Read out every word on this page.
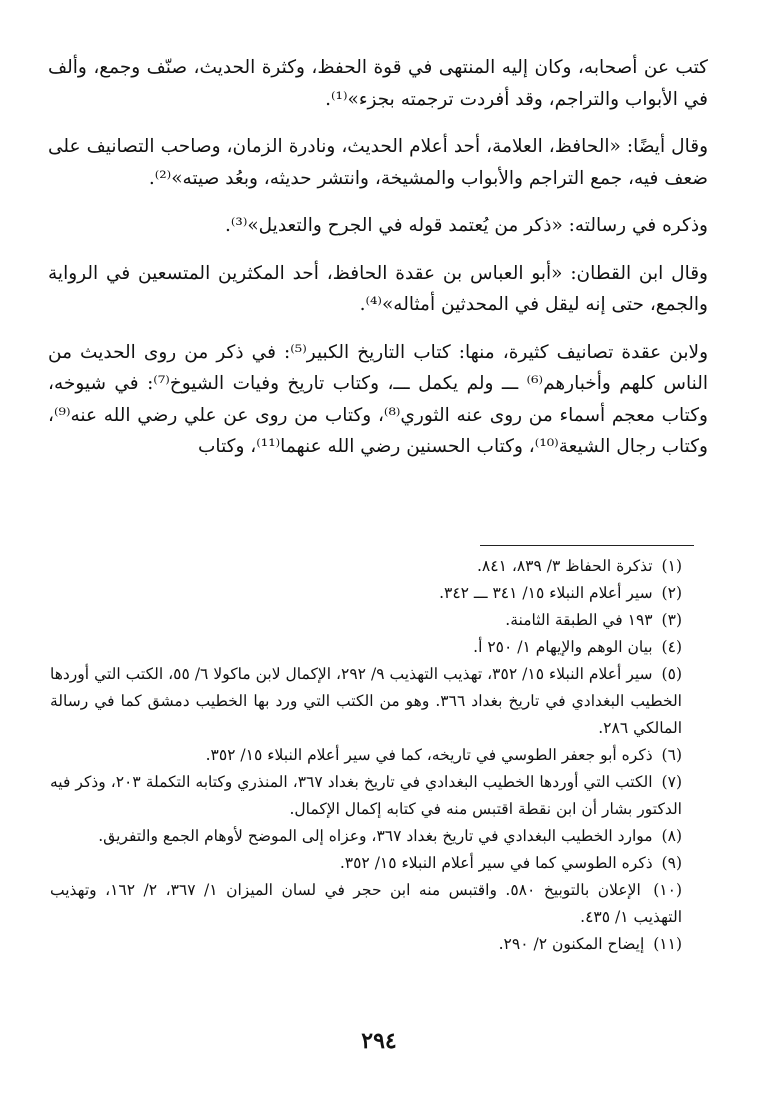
كتب عن أصحابه، وكان إليه المنتهى في قوة الحفظ، وكثرة الحديث، صنّف وجمع، وألف في الأبواب والتراجم، وقد أفردت ترجمته بجزء»⁽¹⁾.

وقال أيضًا: «الحافظ، العلامة، أحد أعلام الحديث، ونادرة الزمان، وصاحب التصانيف على ضعف فيه، جمع التراجم والأبواب والمشيخة، وانتشر حديثه، وبعُد صيته»⁽²⁾.

وذكره في رسالته: «ذكر من يُعتمد قوله في الجرح والتعديل»⁽³⁾.

وقال ابن القطان: «أبو العباس بن عقدة الحافظ، أحد المكثرين المتسعين في الرواية والجمع، حتى إنه ليقل في المحدثين أمثاله»⁽⁴⁾.

ولابن عقدة تصانيف كثيرة، منها: كتاب التاريخ الكبير⁽⁵⁾: في ذكر من روى الحديث من الناس كلهم وأخبارهم⁽⁶⁾ ـــ ولم يكمل ـــ، وكتاب تاريخ وفيات الشيوخ⁽⁷⁾: في شيوخه، وكتاب معجم أسماء من روى عنه الثوري⁽⁸⁾، وكتاب من روى عن علي رضي الله عنه⁽⁹⁾، وكتاب رجال الشيعة⁽¹⁰⁾، وكتاب الحسنين رضي الله عنهما⁽¹¹⁾، وكتاب

(١) تذكرة الحفاظ ٣/ ٨٣٩، ٨٤١.

(٢) سير أعلام النبلاء ١٥/ ٣٤١ ـــ ٣٤٢.

(٣) ١٩٣ في الطبقة الثامنة.

(٤) بيان الوهم والإيهام ١/ ٢٥٠ أ.

(٥) سير أعلام النبلاء ١٥/ ٣٥٢، تهذيب التهذيب ٩/ ٢٩٢، الإكمال لابن ماكولا ٦/ ٥٥، الكتب التي أوردها الخطيب البغدادي في تاريخ بغداد ٣٦٦. وهو من الكتب التي ورد بها الخطيب دمشق كما في رسالة المالكي ٢٨٦.

(٦) ذكره أبو جعفر الطوسي في تاريخه، كما في سير أعلام النبلاء ١٥/ ٣٥٢.

(٧) الكتب التي أوردها الخطيب البغدادي في تاريخ بغداد ٣٦٧، المنذري وكتابه التكملة ٢٠٣، وذكر فيه الدكتور بشار أن ابن نقطة اقتبس منه في كتابه إكمال الإكمال.

(٨) موارد الخطيب البغدادي في تاريخ بغداد ٣٦٧، وعزاه إلى الموضح لأوهام الجمع والتفريق.

(٩) ذكره الطوسي كما في سير أعلام النبلاء ١٥/ ٣٥٢.

(١٠) الإعلان بالتوبيخ ٥٨٠. واقتبس منه ابن حجر في لسان الميزان ١/ ٣٦٧، ٢/ ١٦٢، وتهذيب التهذيب ١/ ٤٣٥.

(١١) إيضاح المكنون ٢/ ٢٩٠.

٢٩٤
